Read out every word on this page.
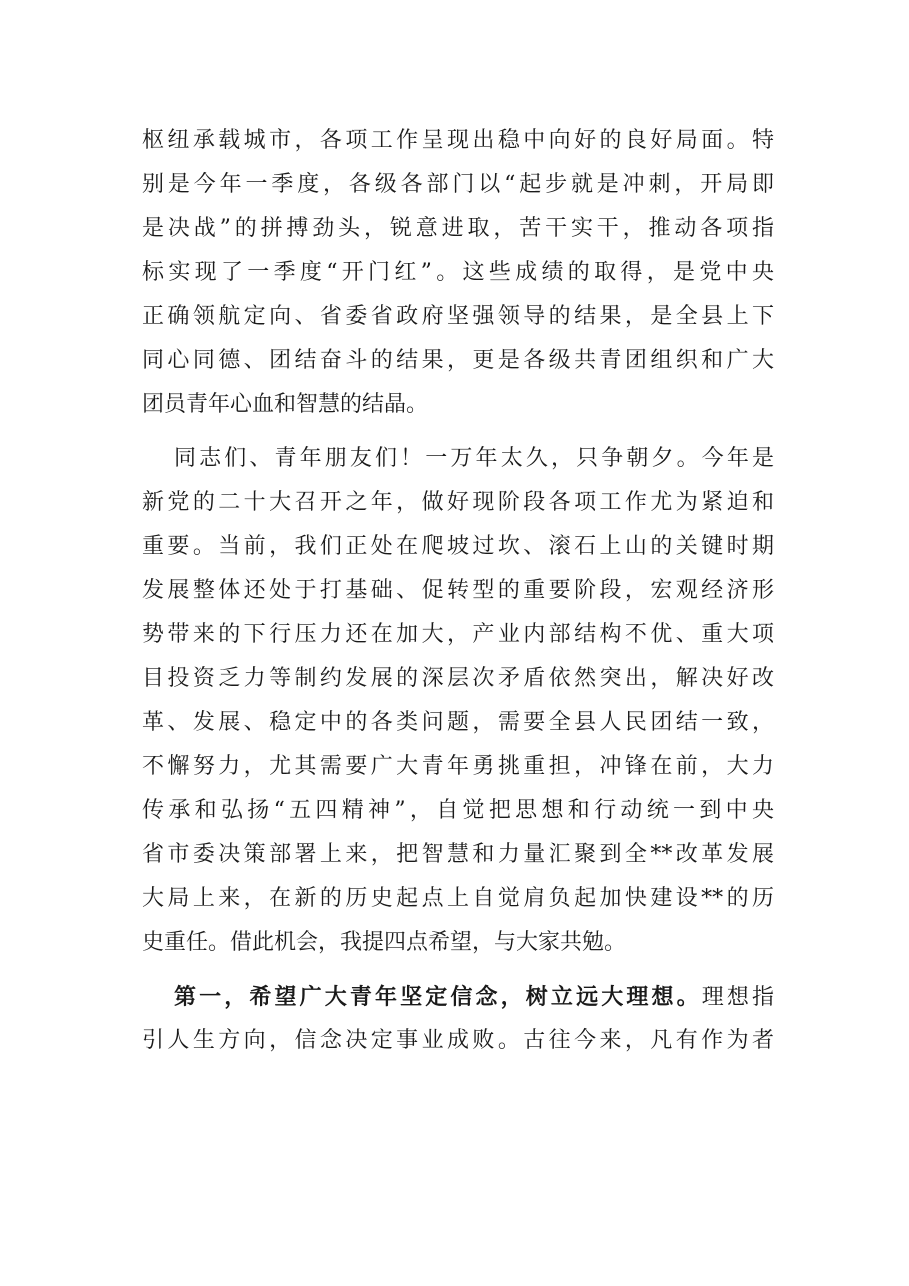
枢纽承载城市，各项工作呈现出稳中向好的良好局面。特
别是今年一季度，各级各部门以“起步就是冲刺，开局即
是决战”的拼搏劲头，锐意进取，苦干实干，推动各项指
标实现了一季度“开门红”。这些成绩的取得，是党中央
正确领航定向、省委省政府坚强领导的结果，是全县上下
同心同德、团结奋斗的结果，更是各级共青团组织和广大
团员青年心血和智慧的结晶。
同志们、青年朋友们！一万年太久，只争朝夕。今年是
新党的二十大召开之年，做好现阶段各项工作尤为紧迫和
重要。当前，我们正处在爬坡过坎、滚石上山的关键时期
发展整体还处于打基础、促转型的重要阶段，宏观经济形
势带来的下行压力还在加大，产业内部结构不优、重大项
目投资乏力等制约发展的深层次矛盾依然突出，解决好改
革、发展、稳定中的各类问题，需要全县人民团结一致，
不懈努力，尤其需要广大青年勇挑重担，冲锋在前，大力
传承和弘扬“五四精神”，自觉把思想和行动统一到中央
省市委决策部署上来，把智慧和力量汇聚到全**改革发展
大局上来，在新的历史起点上自觉肩负起加快建设**的历
史重任。借此机会，我提四点希望，与大家共勉。
第一，希望广大青年坚定信念，树立远大理想。理想指
引人生方向，信念决定事业成败。古往今来，凡有作为者
